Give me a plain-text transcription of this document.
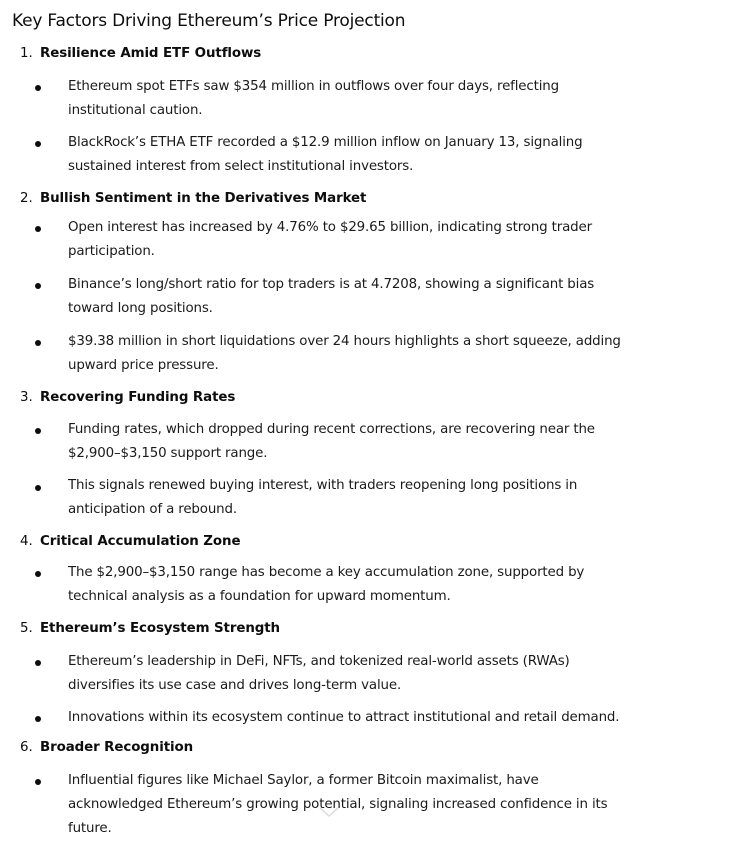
Key Factors Driving Ethereum’s Price Projection
1. Resilience Amid ETF Outflows
Ethereum spot ETFs saw $354 million in outflows over four days, reflecting institutional caution.
BlackRock’s ETHA ETF recorded a $12.9 million inflow on January 13, signaling sustained interest from select institutional investors.
2. Bullish Sentiment in the Derivatives Market
Open interest has increased by 4.76% to $29.65 billion, indicating strong trader participation.
Binance’s long/short ratio for top traders is at 4.7208, showing a significant bias toward long positions.
$39.38 million in short liquidations over 24 hours highlights a short squeeze, adding upward price pressure.
3. Recovering Funding Rates
Funding rates, which dropped during recent corrections, are recovering near the $2,900–$3,150 support range.
This signals renewed buying interest, with traders reopening long positions in anticipation of a rebound.
4. Critical Accumulation Zone
The $2,900–$3,150 range has become a key accumulation zone, supported by technical analysis as a foundation for upward momentum.
5. Ethereum’s Ecosystem Strength
Ethereum’s leadership in DeFi, NFTs, and tokenized real-world assets (RWAs) diversifies its use case and drives long-term value.
Innovations within its ecosystem continue to attract institutional and retail demand.
6. Broader Recognition
Influential figures like Michael Saylor, a former Bitcoin maximalist, have acknowledged Ethereum’s growing potential, signaling increased confidence in its future.
